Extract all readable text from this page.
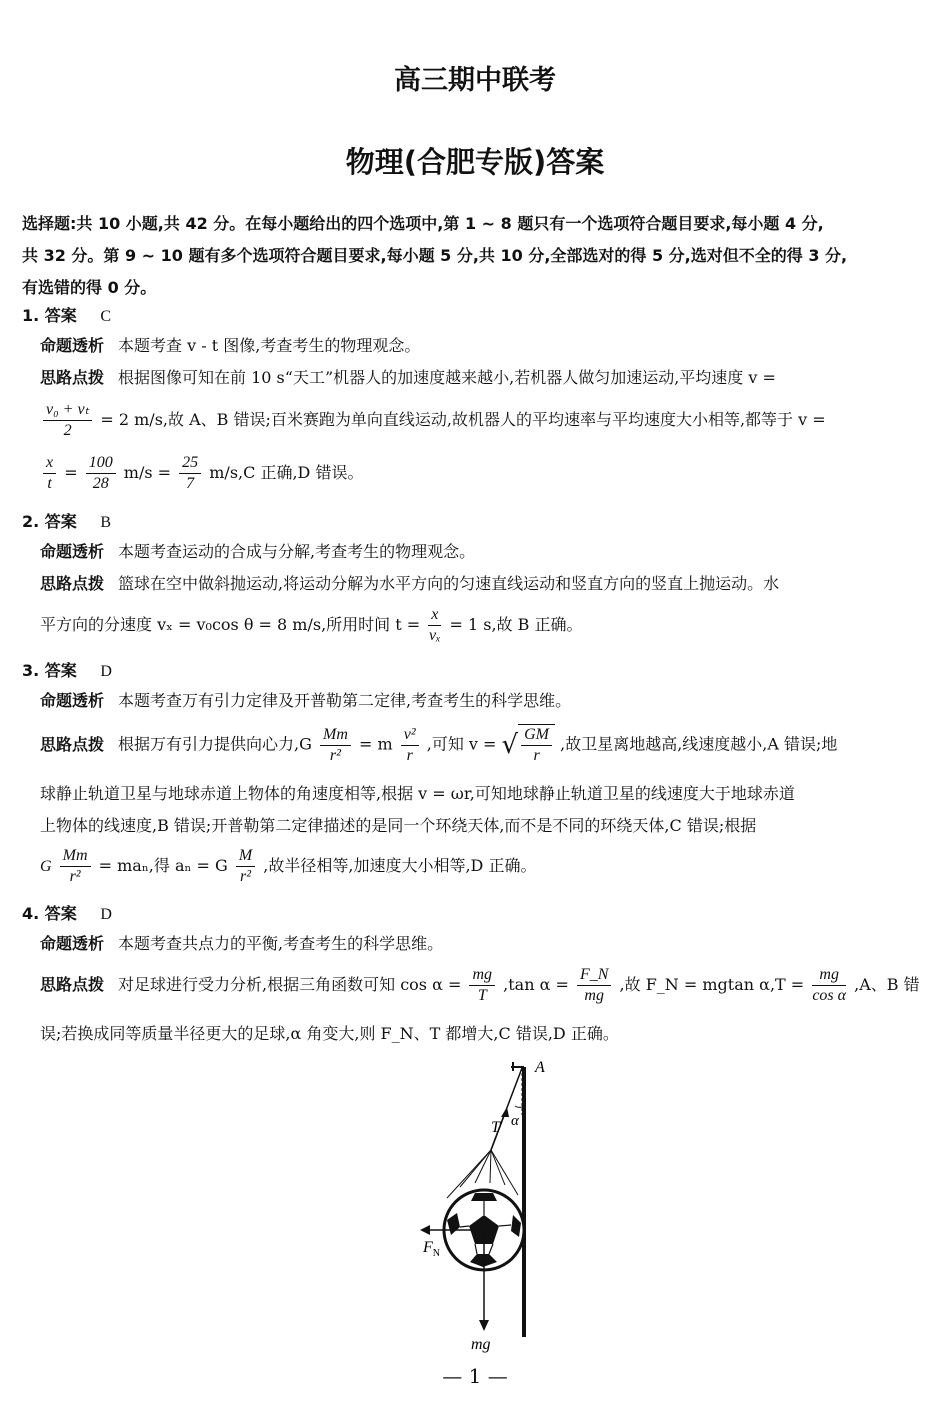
高三期中联考
物理(合肥专版)答案
选择题:共 10 小题,共 42 分。在每小题给出的四个选项中,第 1 ~ 8 题只有一个选项符合题目要求,每小题 4 分,
共 32 分。第 9 ~ 10 题有多个选项符合题目要求,每小题 5 分,共 10 分,全部选对的得 5 分,选对但不全的得 3 分,
有选错的得 0 分。
1. 答案 C
命题透析 本题考查 v - t 图像,考查考生的物理观念。
思路点拨 根据图像可知在前 10 s“天工”机器人的加速度越来越小,若机器人做匀加速运动,平均速度 v =
$\frac{\text{v₀ + vₜ}}{2} = 2$ m/s,故 A、B 错误;百米赛跑为单向直线运动,故机器人的平均速率与平均速度大小相等,都等于 v =
$\frac{x}{t} = \frac{100}{28} m/s = \frac{25}{7} m/s,C$ 正确,D 错误。
2. 答案 B
命题透析 本题考查运动的合成与分解,考查考生的物理观念。
思路点拨 篮球在空中做斜抛运动,将运动分解为水平方向的匀速直线运动和竖直方向的竖直上抛运动。水
平方向的分速度 vₓ = v₀cos θ = 8 m/s,所用时间 $t = \frac{x}{\text{vₓ}} = 1$ s,故 B 正确。
3. 答案 D
命题透析 本题考查万有引力定律及开普勒第二定律,考查考生的科学思维。
思路点拨 根据万有引力提供向心力$,G \frac{Mm}{\text{r²}} = m \frac{\text{v²}}{r}$ ,可知 v = √ $\frac{GM}{r}$ ,故卫星离地越高,线速度越小,A 错误;地
球静止轨道卫星与地球赤道上物体的角速度相等,根据 v = ωr,可知地球静止轨道卫星的线速度大于地球赤道
上物体的线速度,B 错误;开普勒第二定律描述的是同一个环绕天体,而不是不同的环绕天体,C 错误;根据
G $\frac{Mm}{\text{r²}} = ma_n$,得 aₙ = G $\frac{M}{\text{r²}}$ ,故半径相等,加速度大小相等,D 正确。
4. 答案 D
命题透析 本题考查共点力的平衡,考查考生的科学思维。
思路点拨 对足球进行受力分析,根据三角函数可知 $\cos \alpha = \frac{mg}{T} ,\tan$ $\alpha = \frac{F\_N}{mg}$ ,故 F_N = mgtan $\alpha,T = \frac{mg}{\text{cos α}} ,A$、B 错
误;若换成同等质量半径更大的足球,α 角变大,则 F_N、T 都增大,C 错误,D 正确。
A
α
T
$F_N$
mg
— 1 —
